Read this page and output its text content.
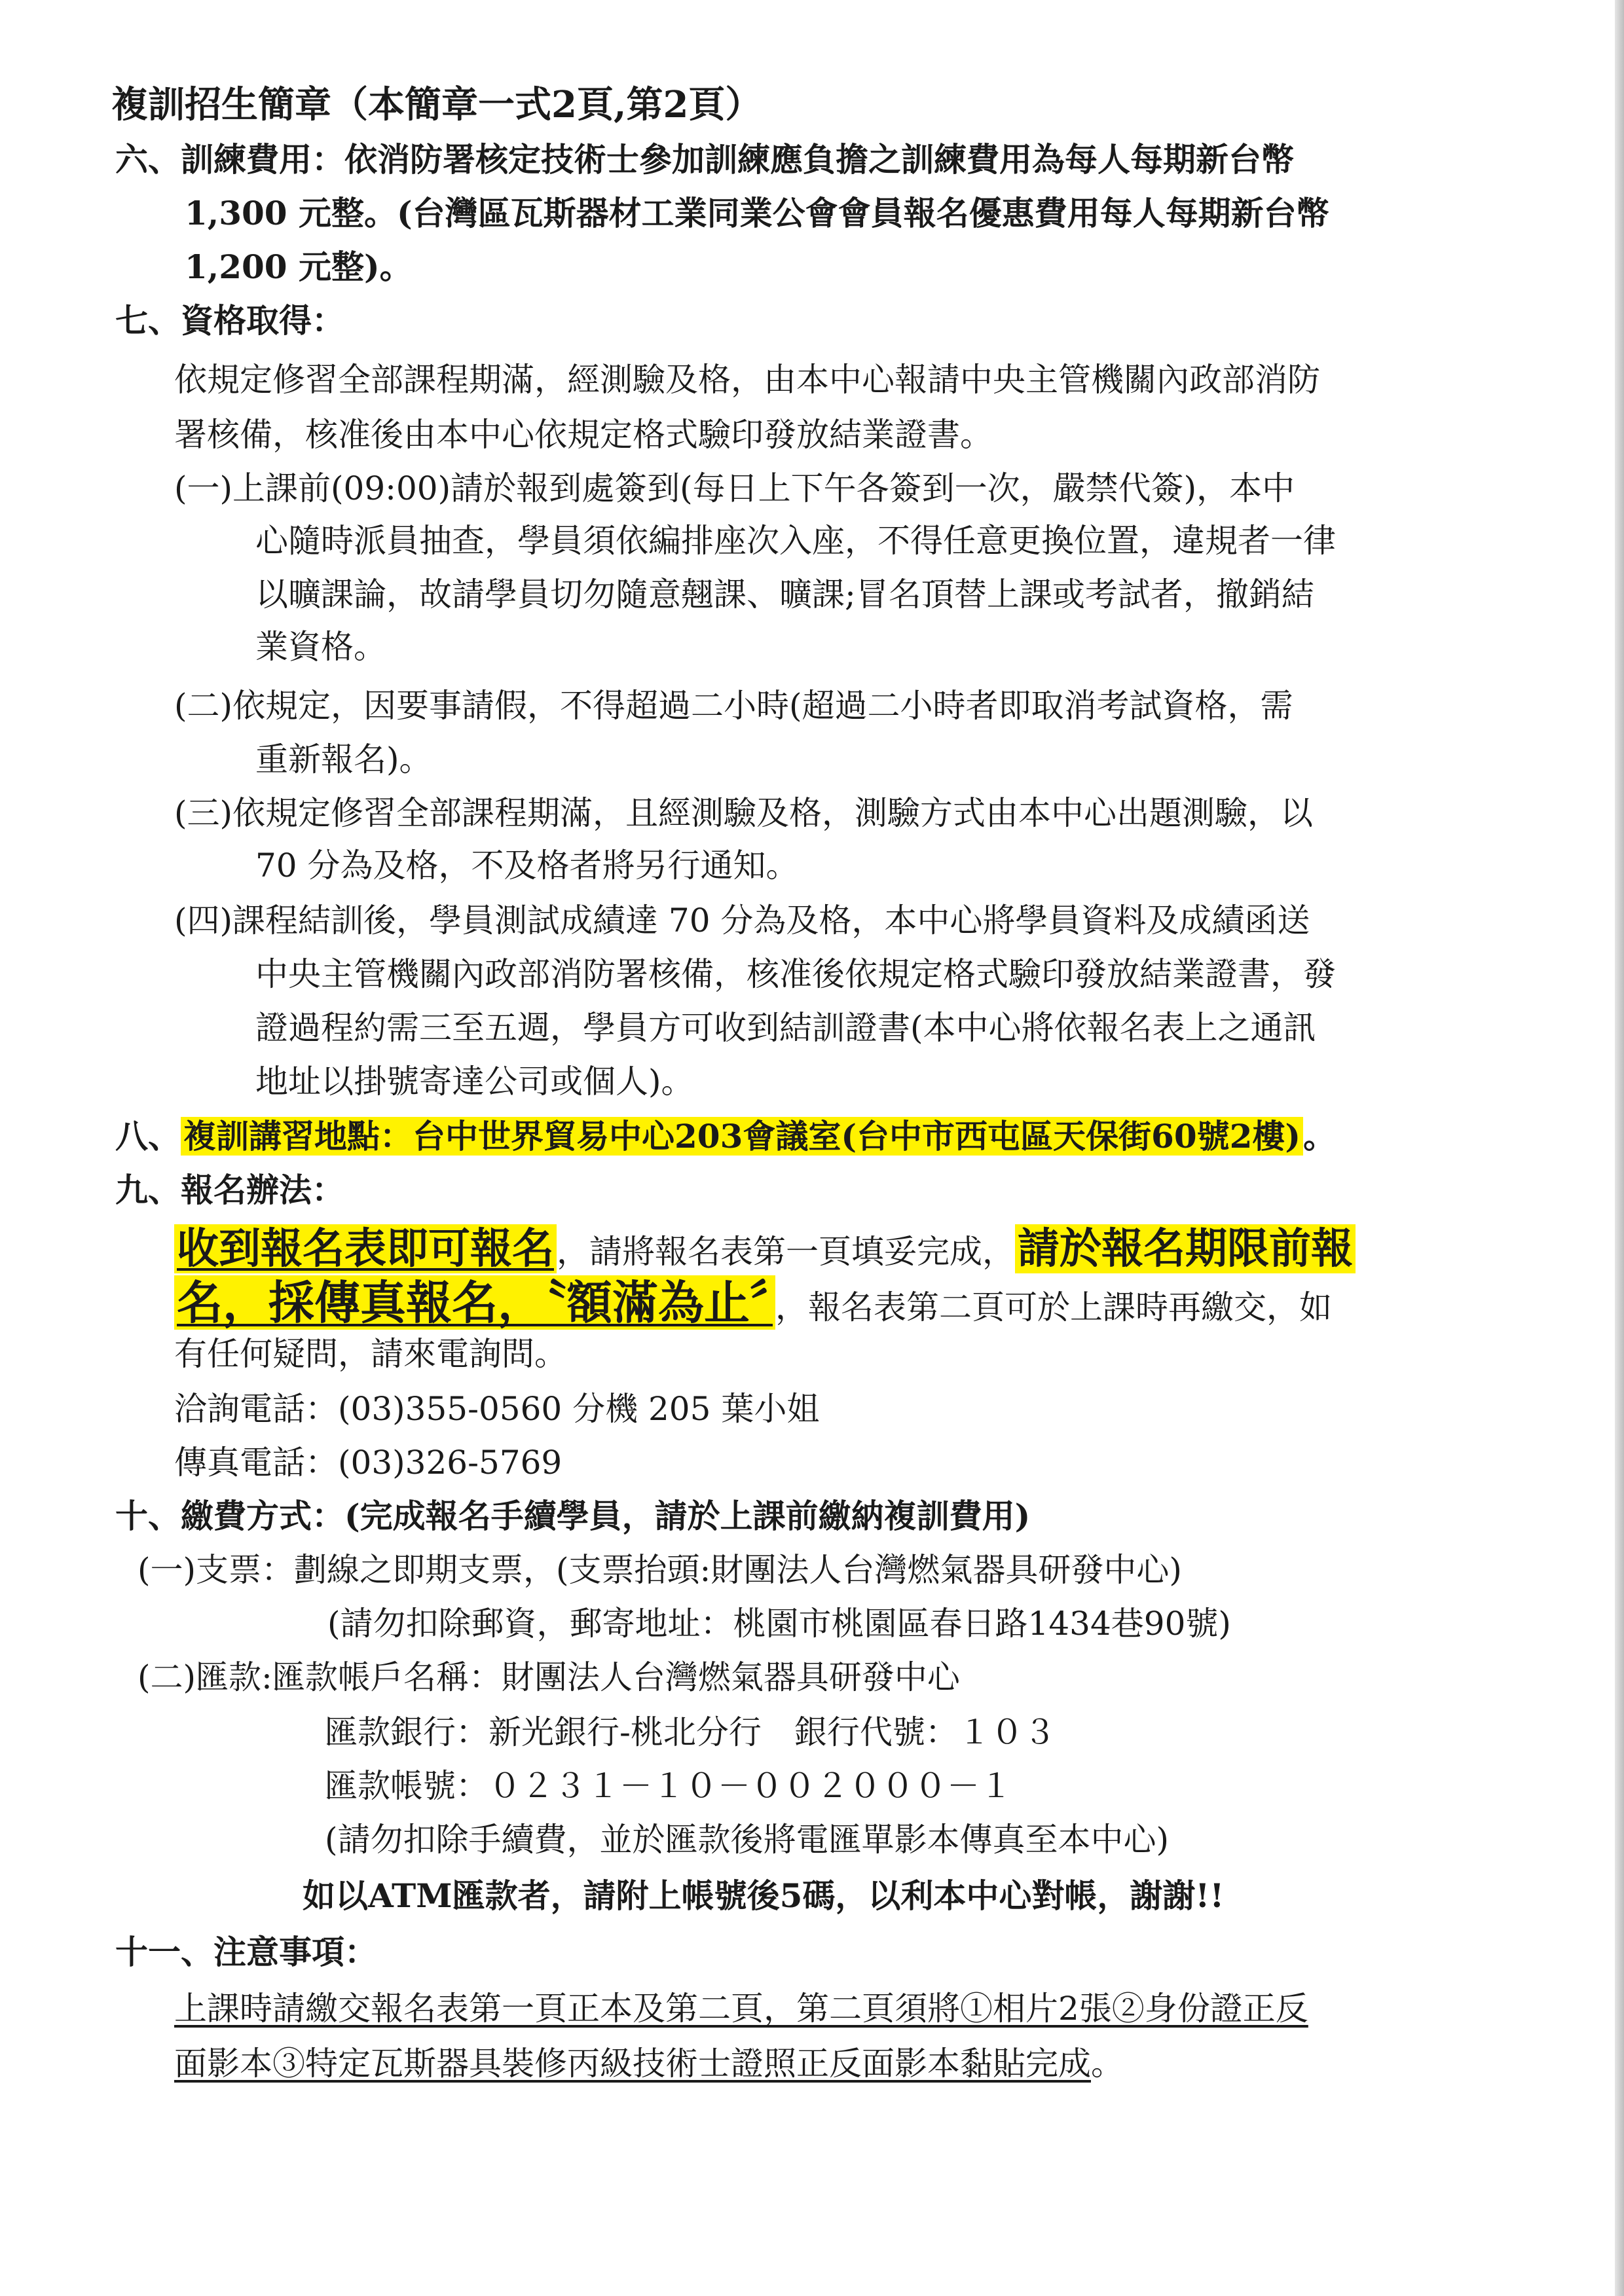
複訓招生簡章（本簡章一式2頁,第2頁）
六、訓練費用：依消防署核定技術士參加訓練應負擔之訓練費用為每人每期新台幣
1,300 元整。(台灣區瓦斯器材工業同業公會會員報名優惠費用每人每期新台幣
1,200 元整)。
七、資格取得：
依規定修習全部課程期滿，經測驗及格，由本中心報請中央主管機關內政部消防
署核備，核准後由本中心依規定格式驗印發放結業證書。
(一)上課前(09:00)請於報到處簽到(每日上下午各簽到一次，嚴禁代簽)，本中
心隨時派員抽查，學員須依編排座次入座，不得任意更換位置，違規者一律
以曠課論，故請學員切勿隨意翹課、曠課;冒名頂替上課或考試者，撤銷結
業資格。
(二)依規定，因要事請假，不得超過二小時(超過二小時者即取消考試資格，需
重新報名)。
(三)依規定修習全部課程期滿，且經測驗及格，測驗方式由本中心出題測驗，以
70 分為及格，不及格者將另行通知。
(四)課程結訓後，學員測試成績達 70 分為及格，本中心將學員資料及成績函送
中央主管機關內政部消防署核備，核准後依規定格式驗印發放結業證書，發
證過程約需三至五週，學員方可收到結訓證書(本中心將依報名表上之通訊
地址以掛號寄達公司或個人)。
八、複訓講習地點：台中世界貿易中心203會議室(台中市西屯區天保街60號2樓)。
九、報名辦法：
收到報名表即可報名，請將報名表第一頁填妥完成，請於報名期限前報
名，採傳真報名，〝額滿為止〞，報名表第二頁可於上課時再繳交，如
有任何疑問，請來電詢問。
洽詢電話：(03)355-0560 分機 205 葉小姐
傳真電話：(03)326-5769
十、繳費方式：(完成報名手續學員，請於上課前繳納複訓費用)
(一)支票：劃線之即期支票，(支票抬頭:財團法人台灣燃氣器具研發中心)
(請勿扣除郵資，郵寄地址：桃園市桃園區春日路1434巷90號)
(二)匯款:匯款帳戶名稱：財團法人台灣燃氣器具研發中心
匯款銀行：新光銀行-桃北分行　銀行代號：１０３
匯款帳號：０２３１－１０－００２０００－１
(請勿扣除手續費，並於匯款後將電匯單影本傳真至本中心)
如以ATM匯款者，請附上帳號後5碼，以利本中心對帳，謝謝!!
十一、注意事項：
上課時請繳交報名表第一頁正本及第二頁，第二頁須將①相片2張②身份證正反
面影本③特定瓦斯器具裝修丙級技術士證照正反面影本黏貼完成。
